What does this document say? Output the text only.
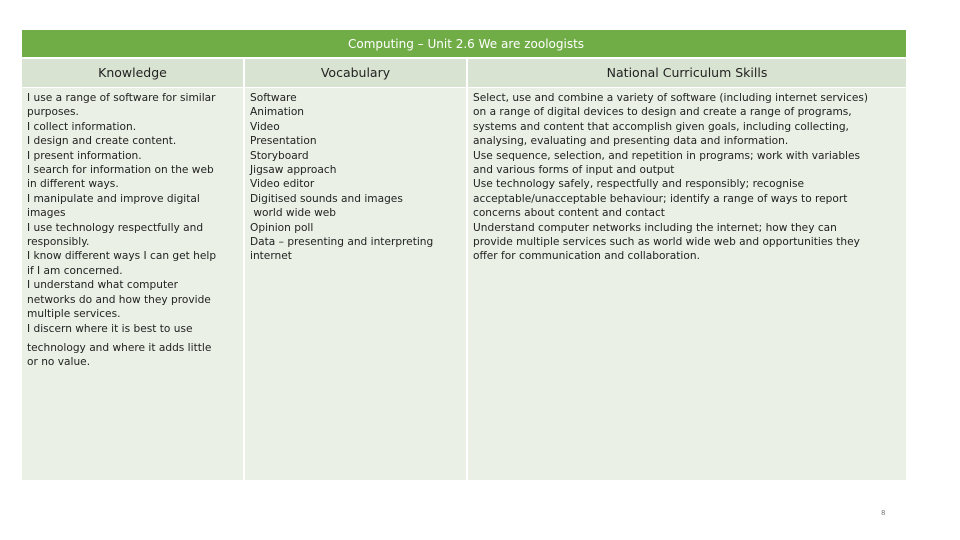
Computing – Unit 2.6 We are zoologists
Knowledge	Vocabulary	National Curriculum Skills
I use a range of software for similar
purposes.
I collect information.
I design and create content.
I present information.
I search for information on the web
in different ways.
I manipulate and improve digital
images
I use technology respectfully and
responsibly.
I know different ways I can get help
if I am concerned.
I understand what computer
networks do and how they provide
multiple services.
I discern where it is best to use
technology and where it adds little
or no value.
Software
Animation
Video
Presentation
Storyboard
Jigsaw approach
Video editor
Digitised sounds and images
world wide web
Opinion poll
Data – presenting and interpreting
internet
Select, use and combine a variety of software (including internet services)
on a range of digital devices to design and create a range of programs,
systems and content that accomplish given goals, including collecting,
analysing, evaluating and presenting data and information.
Use sequence, selection, and repetition in programs; work with variables
and various forms of input and output
Use technology safely, respectfully and responsibly; recognise
acceptable/unacceptable behaviour; identify a range of ways to report
concerns about content and contact
Understand computer networks including the internet; how they can
provide multiple services such as world wide web and opportunities they
offer for communication and collaboration.
8
